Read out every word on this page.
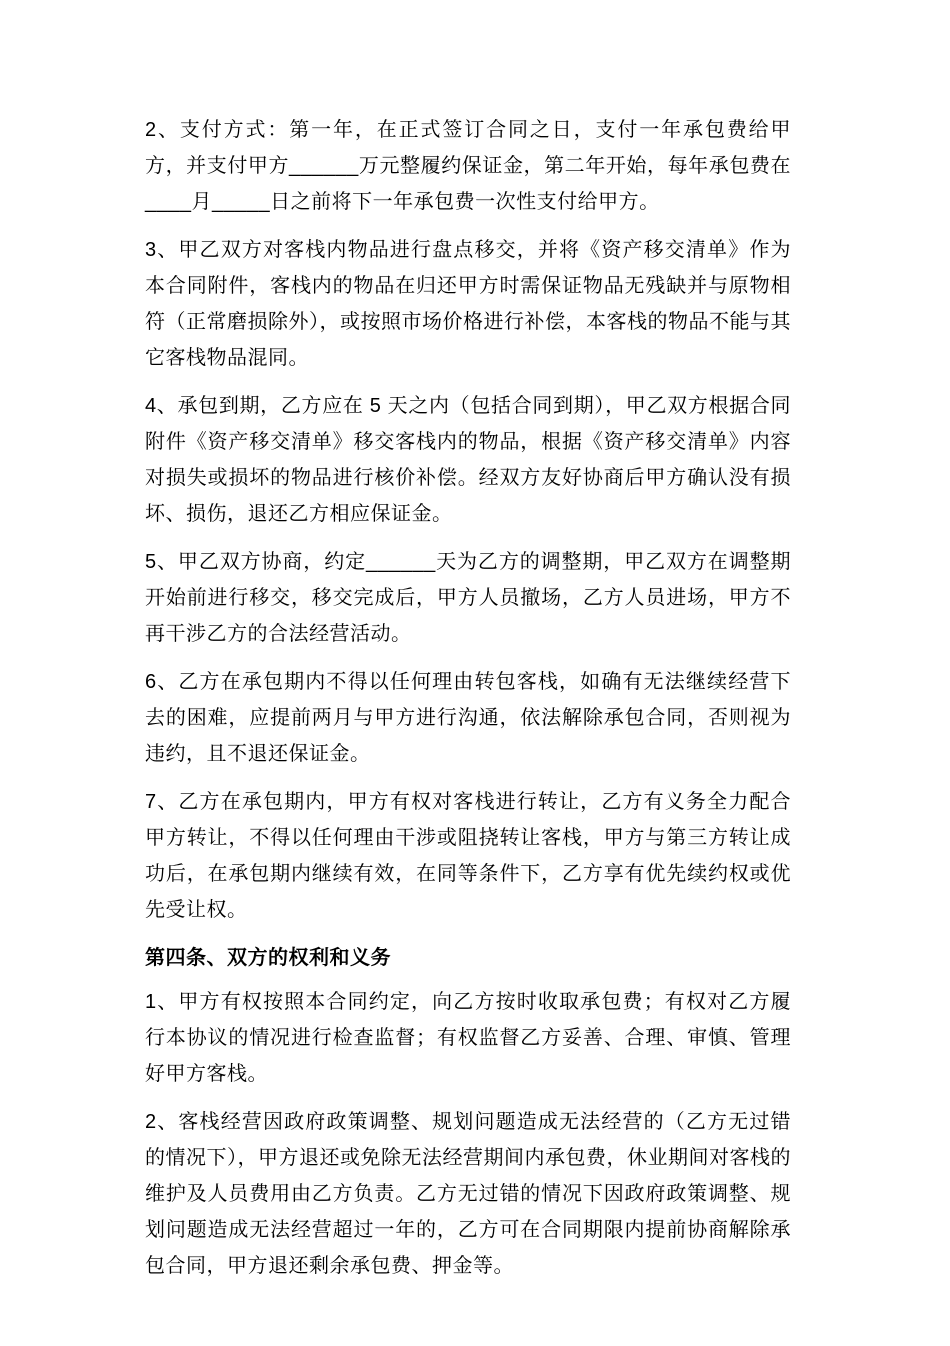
2、支付方式：第一年，在正式签订合同之日，支付一年承包费给甲方，并支付甲方______万元整履约保证金，第二年开始，每年承包费在____月_____日之前将下一年承包费一次性支付给甲方。

3、甲乙双方对客栈内物品进行盘点移交，并将《资产移交清单》作为本合同附件，客栈内的物品在归还甲方时需保证物品无残缺并与原物相符（正常磨损除外），或按照市场价格进行补偿，本客栈的物品不能与其它客栈物品混同。

4、承包到期，乙方应在 5 天之内（包括合同到期），甲乙双方根据合同附件《资产移交清单》移交客栈内的物品，根据《资产移交清单》内容对损失或损坏的物品进行核价补偿。经双方友好协商后甲方确认没有损坏、损伤，退还乙方相应保证金。

5、甲乙双方协商，约定______天为乙方的调整期，甲乙双方在调整期开始前进行移交，移交完成后，甲方人员撤场，乙方人员进场，甲方不再干涉乙方的合法经营活动。

6、乙方在承包期内不得以任何理由转包客栈，如确有无法继续经营下去的困难，应提前两月与甲方进行沟通，依法解除承包合同，否则视为违约，且不退还保证金。

7、乙方在承包期内，甲方有权对客栈进行转让，乙方有义务全力配合甲方转让，不得以任何理由干涉或阻挠转让客栈，甲方与第三方转让成功后，在承包期内继续有效，在同等条件下，乙方享有优先续约权或优先受让权。

第四条、双方的权利和义务

1、甲方有权按照本合同约定，向乙方按时收取承包费；有权对乙方履行本协议的情况进行检查监督；有权监督乙方妥善、合理、审慎、管理好甲方客栈。

2、客栈经营因政府政策调整、规划问题造成无法经营的（乙方无过错的情况下），甲方退还或免除无法经营期间内承包费，休业期间对客栈的维护及人员费用由乙方负责。乙方无过错的情况下因政府政策调整、规划问题造成无法经营超过一年的，乙方可在合同期限内提前协商解除承包合同，甲方退还剩余承包费、押金等。
